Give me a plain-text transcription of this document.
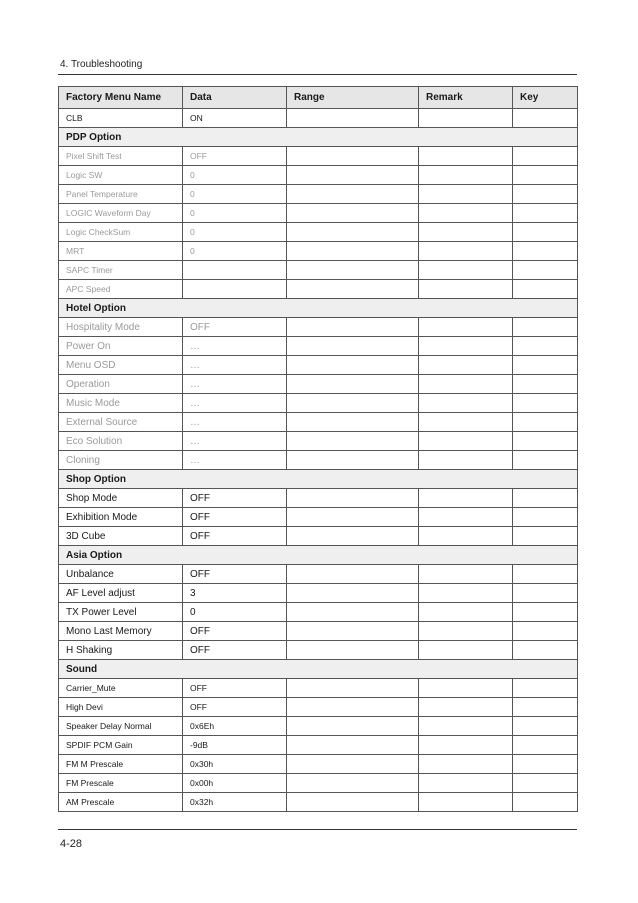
4. Troubleshooting
Factory Menu Name	Data	Range	Remark	Key
CLB	ON			
PDP Option				
Pixel Shift Test	OFF			
Logic SW	0			
Panel Temperature	0			
LOGIC Waveform Day	0			
Logic CheckSum	0			
MRT	0			
SAPC Timer				
APC Speed				
Hotel Option				
Hospitality Mode	OFF			
Power On	…			
Menu OSD	…			
Operation	…			
Music Mode	…			
External Source	…			
Eco Solution	…			
Cloning	…			
Shop Option				
Shop Mode	OFF			
Exhibition Mode	OFF			
3D Cube	OFF			
Asia Option				
Unbalance	OFF			
AF Level adjust	3			
TX Power Level	0			
Mono Last Memory	OFF			
H Shaking	OFF			
Sound				
Carrier_Mute	OFF			
High Devi	OFF			
Speaker Delay Normal	0x6Eh			
SPDIF PCM Gain	-9dB			
FM M Prescale	0x30h			
FM Prescale	0x00h			
AM Prescale	0x32h			
4-28
